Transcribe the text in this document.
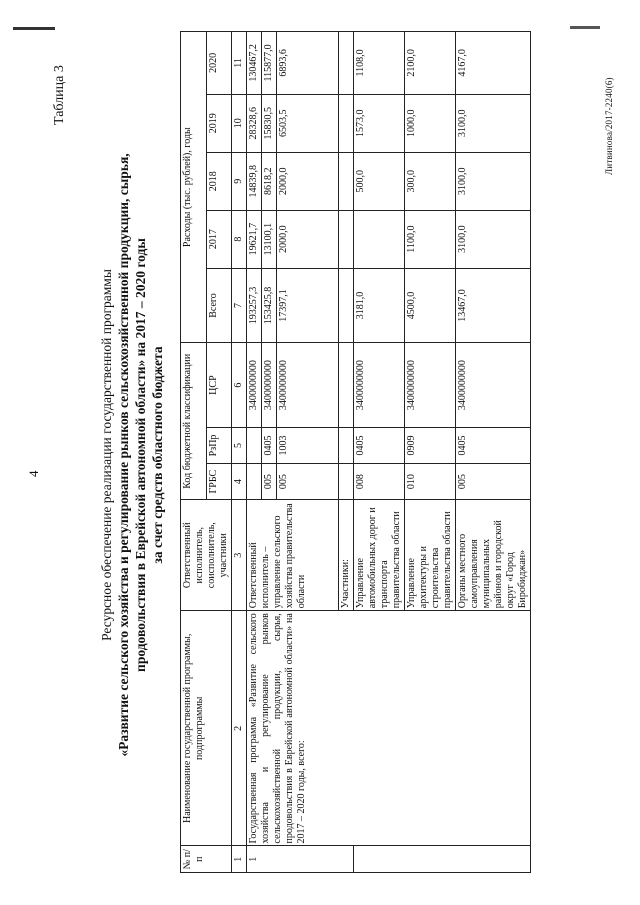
4
Таблица 3
Ресурсное обеспечение реализации государственной программы «Развитие сельского хозяйства и регулирование рынков сельскохозяйственной продукции, сырья, продовольствия в Еврейской автономной области» на 2017 – 2020 годы за счет средств областного бюджета
№ п/п	Наименование государственной программы, подпрограммы	Ответственный исполнитель, соисполнитель, участники	Код бюджетной классификации			Расходы (тыс. рублей), годы				
			ГРБС	РзПр	ЦСР	Всего	2017	2018	2019	2020
1	2	3	4	5	6	7	8	9	10	11
1	Государственная программа «Развитие сельского хозяйства и регулирование рынков сельскохозяйственной продукции, сырья, продовольствия в Еврейской автономной области» на 2017 – 2020 годы, всего:	Ответственный исполнитель – управление сельского хозяйства правительства области			3400000000	193257,3	19621,7	14839,8	28328,6	130467,2
			005	0405	3400000000	153425,8	13100,1	8618,2	15830,5	115877,0
			005	1003	3400000000	17397,1	2000,0	2000,0	6503,5	6893,6
		Участники:								
		Управление автомобильных дорог и транспорта правительства области	008	0405	3400000000	3181,0		500,0	1573,0	1108,0
		Управление архитектуры и строительства правительства области	010	0909	3400000000	4500,0	1100,0	300,0	1000,0	2100,0
		Органы местного самоуправления муниципальных районов и городской округ «Город Биробиджан»	005	0405	3400000000	13467,0	3100,0	3100,0	3100,0	4167,0
Литвинова/2017-2240(6)
